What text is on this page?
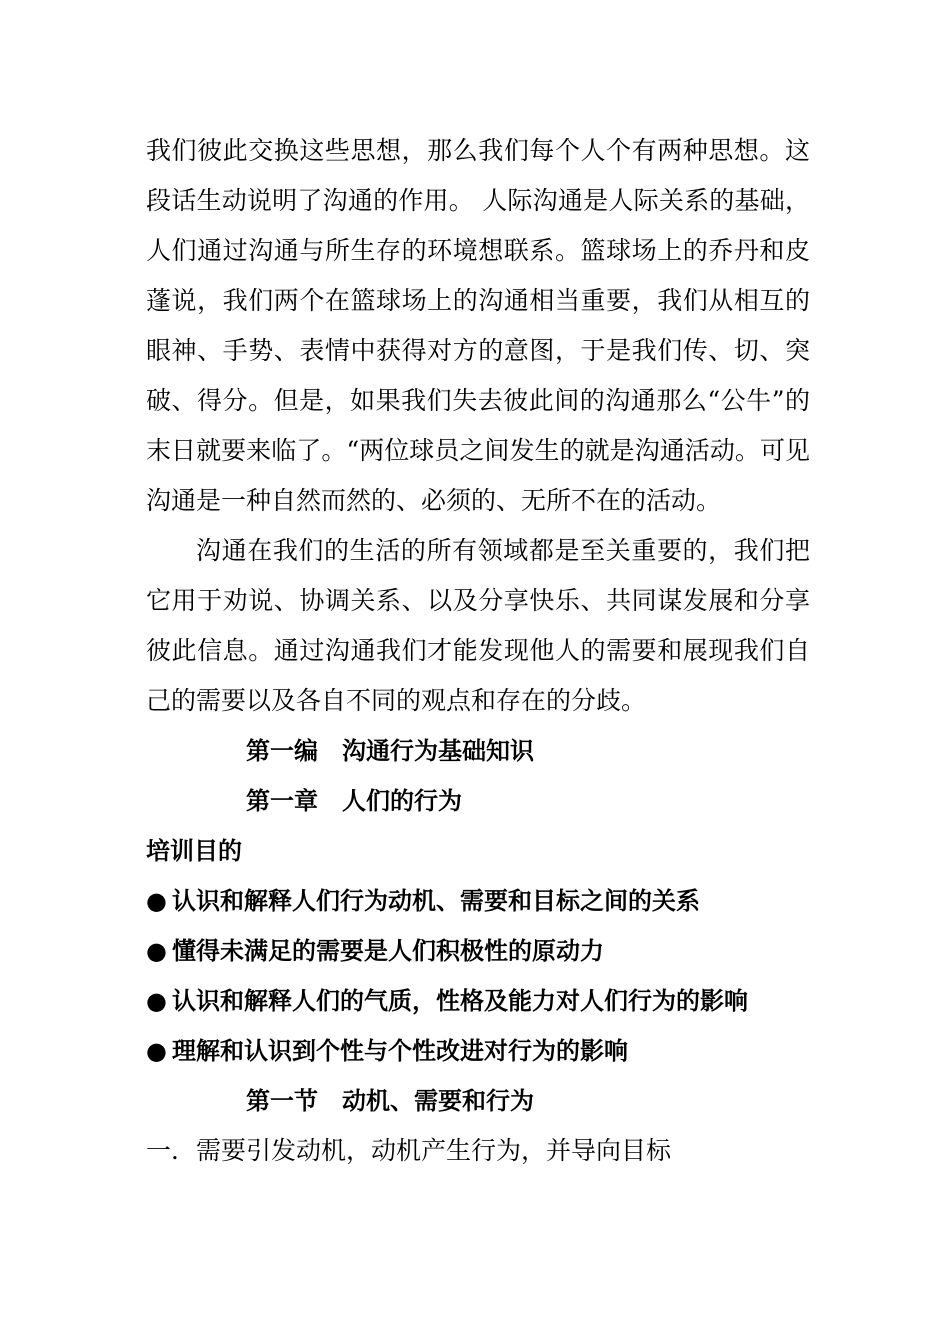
我们彼此交换这些思想，那么我们每个人个有两种思想。这段话生动说明了沟通的作用。 人际沟通是人际关系的基础，人们通过沟通与所生存的环境想联系。篮球场上的乔丹和皮蓬说，我们两个在篮球场上的沟通相当重要，我们从相互的眼神、手势、表情中获得对方的意图，于是我们传、切、突破、得分。但是，如果我们失去彼此间的沟通那么“公牛”的末日就要来临了。“两位球员之间发生的就是沟通活动。可见沟通是一种自然而然的、必须的、无所不在的活动。

沟通在我们的生活的所有领域都是至关重要的，我们把它用于劝说、协调关系、以及分享快乐、共同谋发展和分享彼此信息。通过沟通我们才能发现他人的需要和展现我们自己的需要以及各自不同的观点和存在的分歧。

第一编　沟通行为基础知识

第一章　人们的行为

培训目的

● 认识和解释人们行为动机、需要和目标之间的关系

● 懂得未满足的需要是人们积极性的原动力

● 认识和解释人们的气质，性格及能力对人们行为的影响

● 理解和认识到个性与个性改进对行为的影响

第一节　动机、需要和行为

一．需要引发动机，动机产生行为，并导向目标
